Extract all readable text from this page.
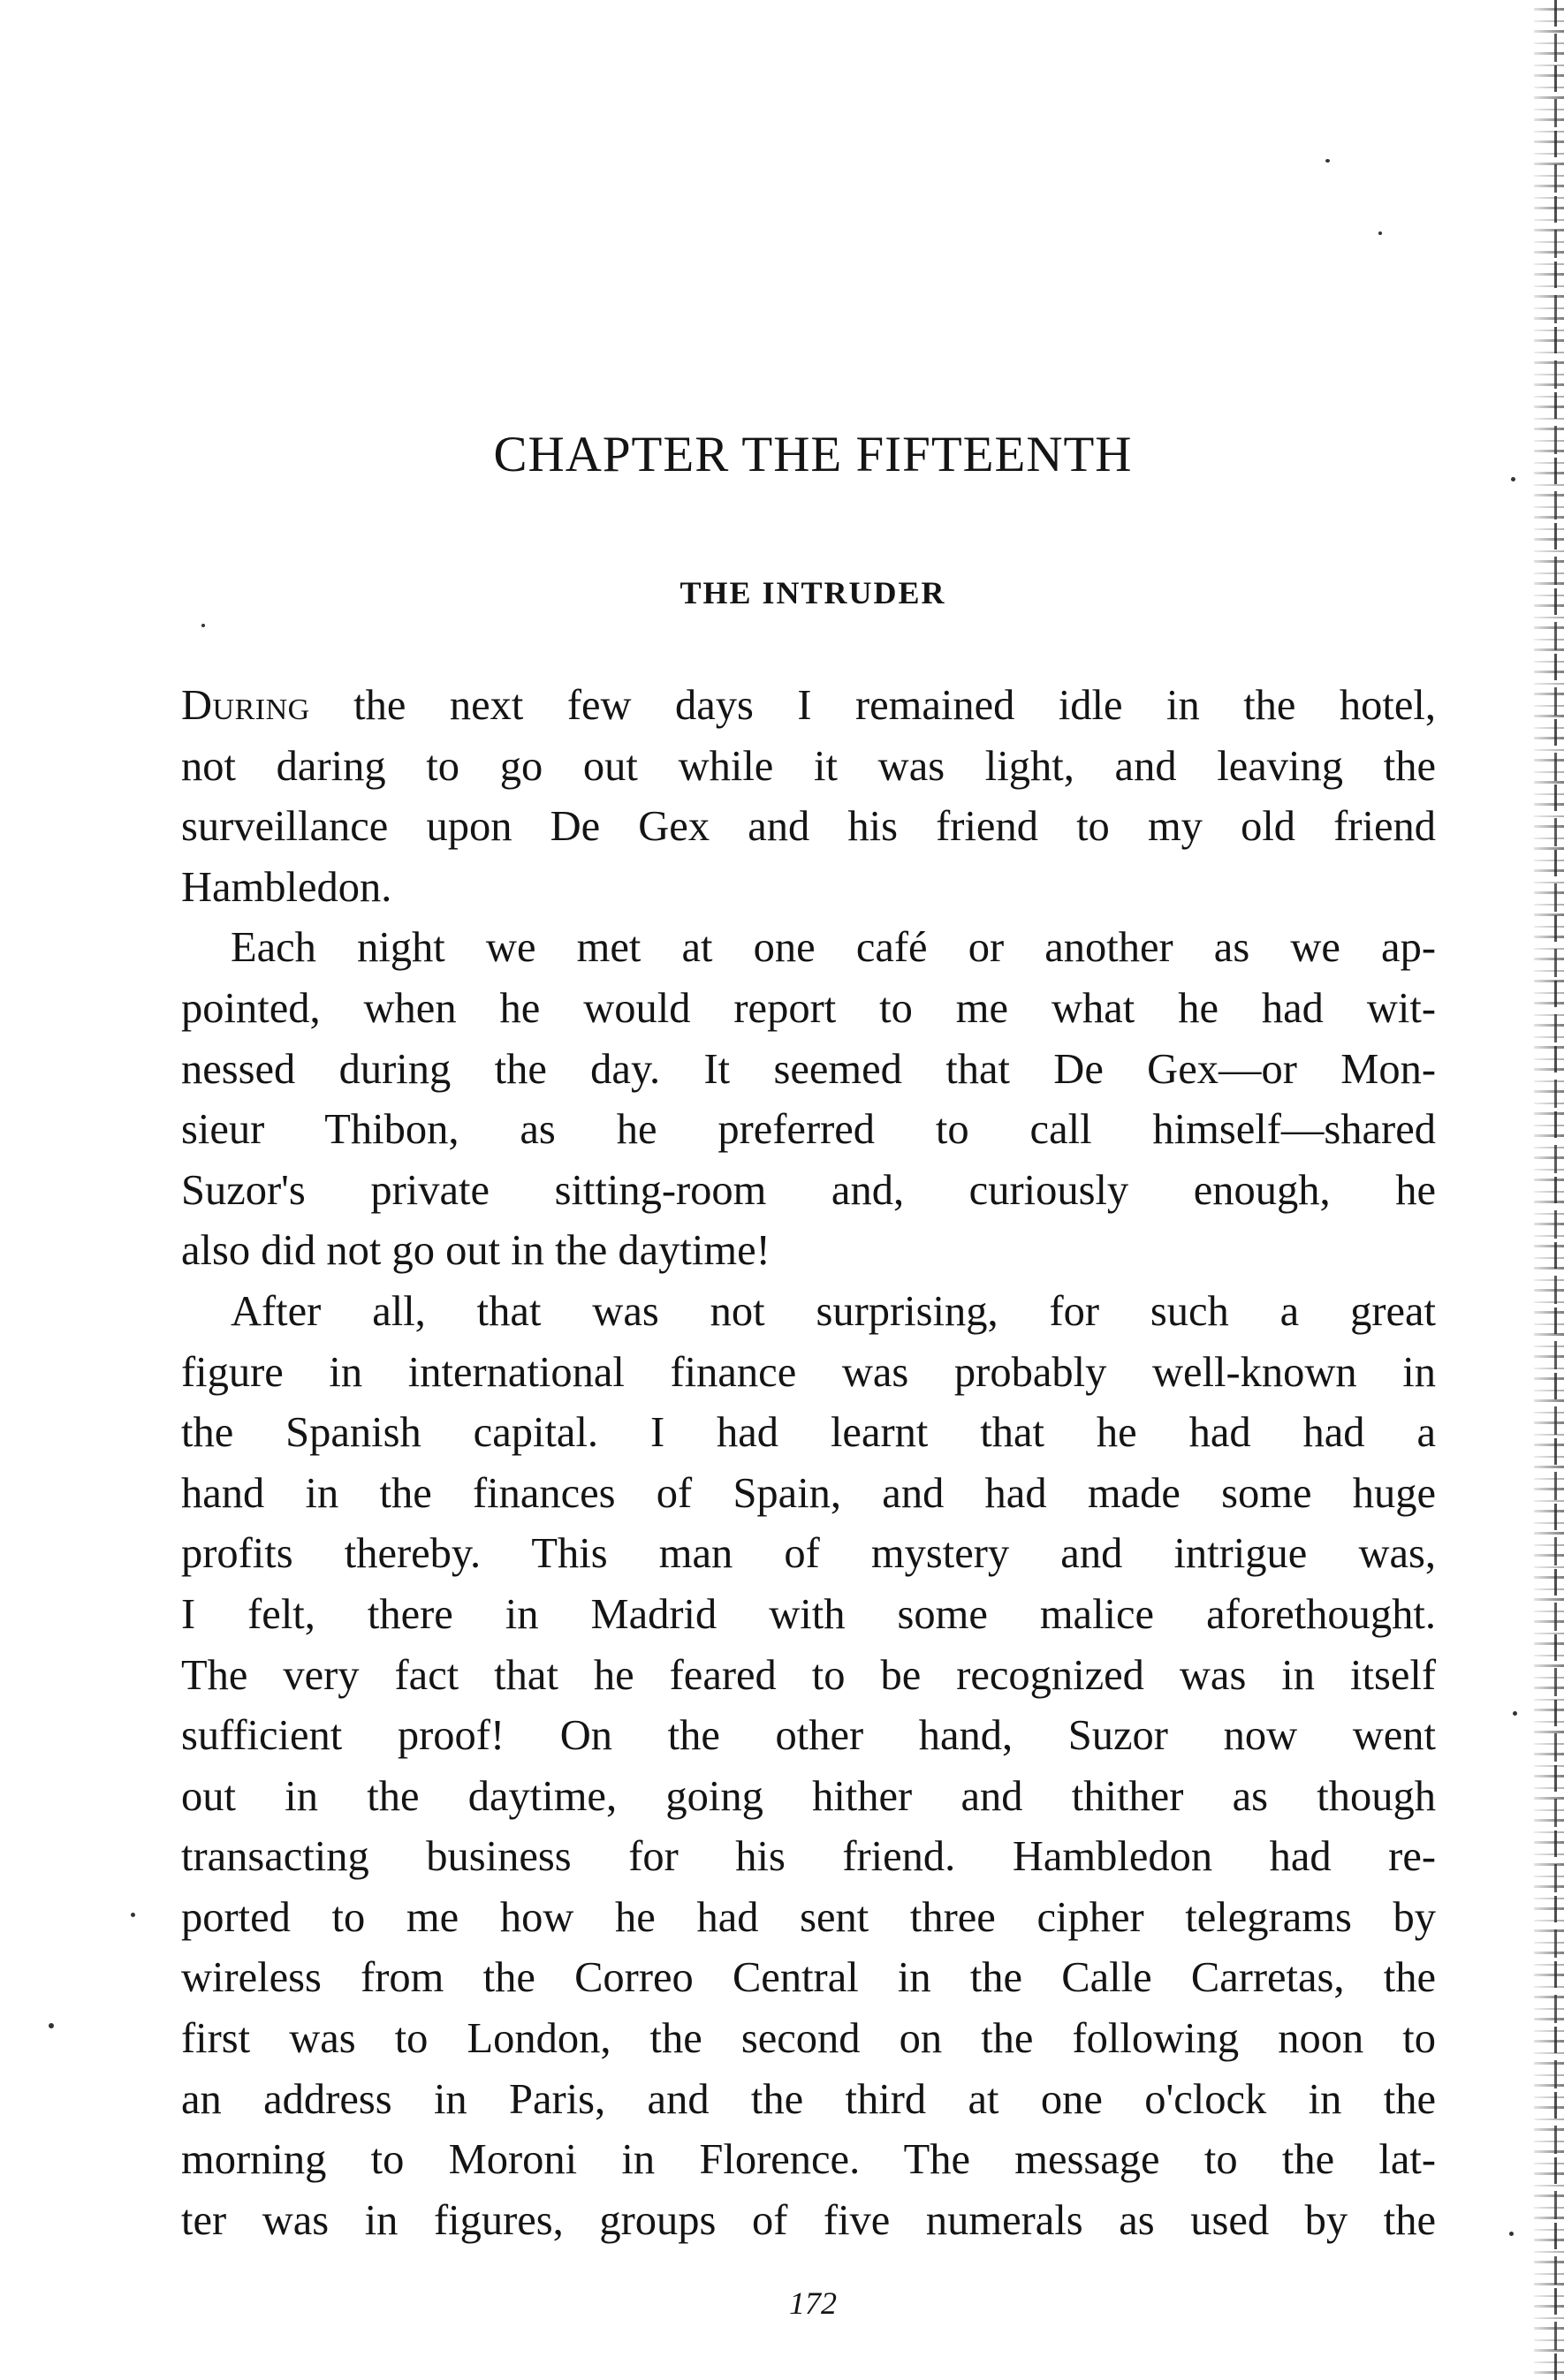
CHAPTER THE FIFTEENTH
THE INTRUDER
During the next few days I remained idle in the hotel,
not daring to go out while it was light, and leaving the
surveillance upon De Gex and his friend to my old friend
Hambledon.
Each night we met at one café or another as we ap-
pointed, when he would report to me what he had wit-
nessed during the day. It seemed that De Gex—or Mon-
sieur Thibon, as he preferred to call himself—shared
Suzor's private sitting-room and, curiously enough, he
also did not go out in the daytime!
After all, that was not surprising, for such a great
figure in international finance was probably well-known in
the Spanish capital. I had learnt that he had had a
hand in the finances of Spain, and had made some huge
profits thereby. This man of mystery and intrigue was,
I felt, there in Madrid with some malice aforethought.
The very fact that he feared to be recognized was in itself
sufficient proof! On the other hand, Suzor now went
out in the daytime, going hither and thither as though
transacting business for his friend. Hambledon had re-
ported to me how he had sent three cipher telegrams by
wireless from the Correo Central in the Calle Carretas, the
first was to London, the second on the following noon to
an address in Paris, and the third at one o'clock in the
morning to Moroni in Florence. The message to the lat-
ter was in figures, groups of five numerals as used by the
172
